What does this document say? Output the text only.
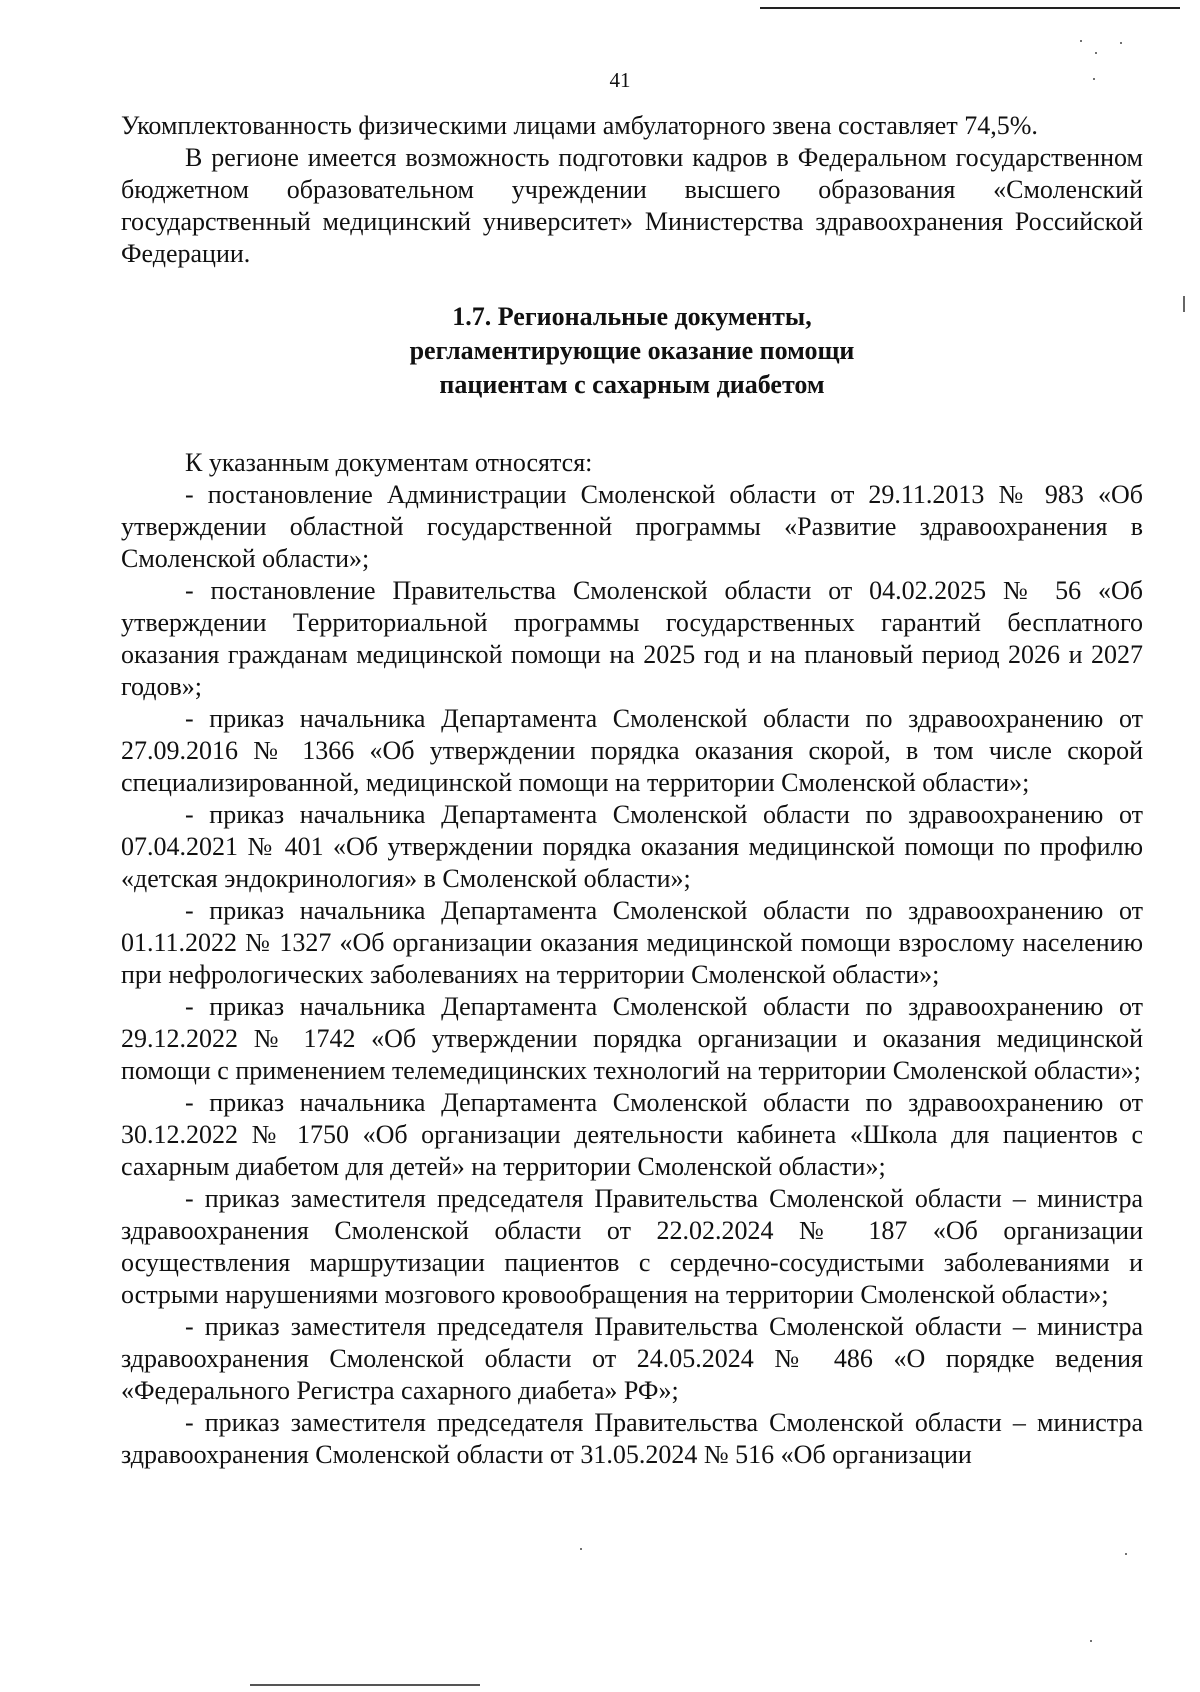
41

Укомплектованность физическими лицами амбулаторного звена составляет 74,5%.

В регионе имеется возможность подготовки кадров в Федеральном государственном бюджетном образовательном учреждении высшего образования «Смоленский государственный медицинский университет» Министерства здравоохранения Российской Федерации.

1.7. Региональные документы,
регламентирующие оказание помощи
пациентам с сахарным диабетом

К указанным документам относятся:

- постановление Администрации Смоленской области от 29.11.2013 № 983 «Об утверждении областной государственной программы «Развитие здравоохранения в Смоленской области»;

- постановление Правительства Смоленской области от 04.02.2025 № 56 «Об утверждении Территориальной программы государственных гарантий бесплатного оказания гражданам медицинской помощи на 2025 год и на плановый период 2026 и 2027 годов»;

- приказ начальника Департамента Смоленской области по здравоохранению от 27.09.2016 № 1366 «Об утверждении порядка оказания скорой, в том числе скорой специализированной, медицинской помощи на территории Смоленской области»;

- приказ начальника Департамента Смоленской области по здравоохранению от 07.04.2021 № 401 «Об утверждении порядка оказания медицинской помощи по профилю «детская эндокринология» в Смоленской области»;

- приказ начальника Департамента Смоленской области по здравоохранению от 01.11.2022 № 1327 «Об организации оказания медицинской помощи взрослому населению при нефрологических заболеваниях на территории Смоленской области»;

- приказ начальника Департамента Смоленской области по здравоохранению от 29.12.2022 № 1742 «Об утверждении порядка организации и оказания медицинской помощи с применением телемедицинских технологий на территории Смоленской области»;

- приказ начальника Департамента Смоленской области по здравоохранению от 30.12.2022 № 1750 «Об организации деятельности кабинета «Школа для пациентов с сахарным диабетом для детей» на территории Смоленской области»;

- приказ заместителя председателя Правительства Смоленской области – министра здравоохранения Смоленской области от 22.02.2024 № 187 «Об организации осуществления маршрутизации пациентов с сердечно-сосудистыми заболеваниями и острыми нарушениями мозгового кровообращения на территории Смоленской области»;

- приказ заместителя председателя Правительства Смоленской области – министра здравоохранения Смоленской области от 24.05.2024 № 486 «О порядке ведения «Федерального Регистра сахарного диабета» РФ»;

- приказ заместителя председателя Правительства Смоленской области – министра здравоохранения Смоленской области от 31.05.2024 № 516 «Об организации
